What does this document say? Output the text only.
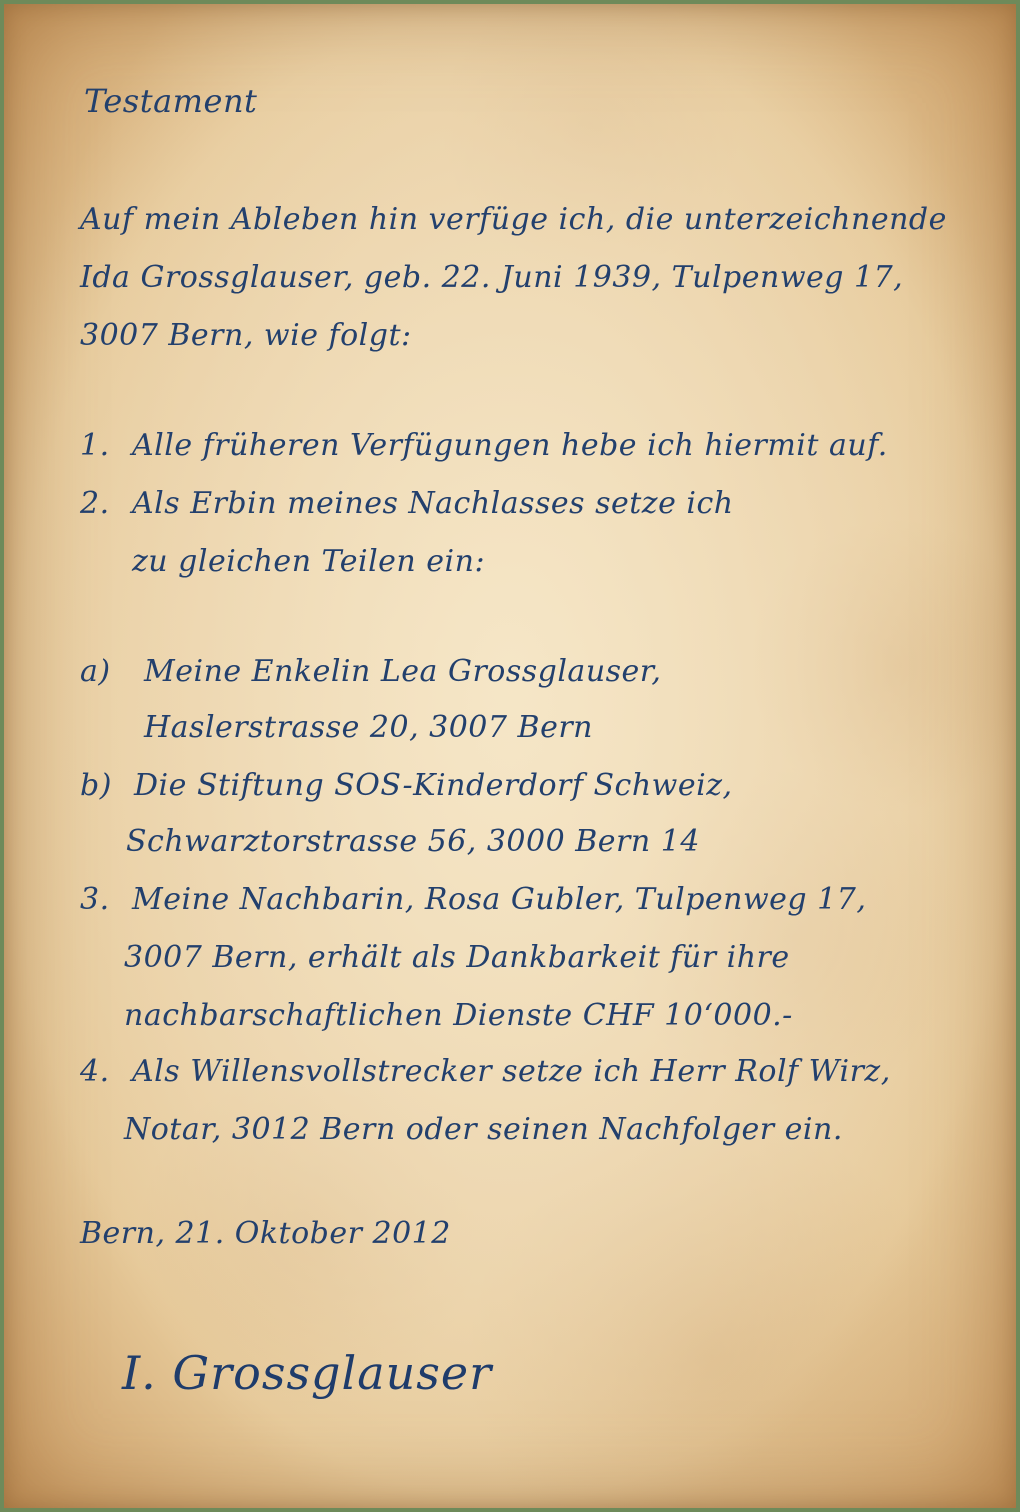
Testament

Auf mein Ableben hin verfüge ich, die unterzeichnende

Ida Grossglauser, geb. 22. Juni 1939, Tulpenweg 17,

3007 Bern, wie folgt:

1. Alle früheren Verfügungen hebe ich hiermit auf.

2. Als Erbin meines Nachlasses setze ich

zu gleichen Teilen ein:

a) Meine Enkelin Lea Grossglauser,

Haslerstrasse 20, 3007 Bern

b) Die Stiftung SOS-Kinderdorf Schweiz,

Schwarztorstrasse 56, 3000 Bern 14

3. Meine Nachbarin, Rosa Gubler, Tulpenweg 17,

3007 Bern, erhält als Dankbarkeit für ihre

nachbarschaftlichen Dienste CHF 10‘000.-

4. Als Willensvollstrecker setze ich Herr Rolf Wirz,

Notar, 3012 Bern oder seinen Nachfolger ein.

Bern, 21. Oktober 2012

I. Grossglauser
